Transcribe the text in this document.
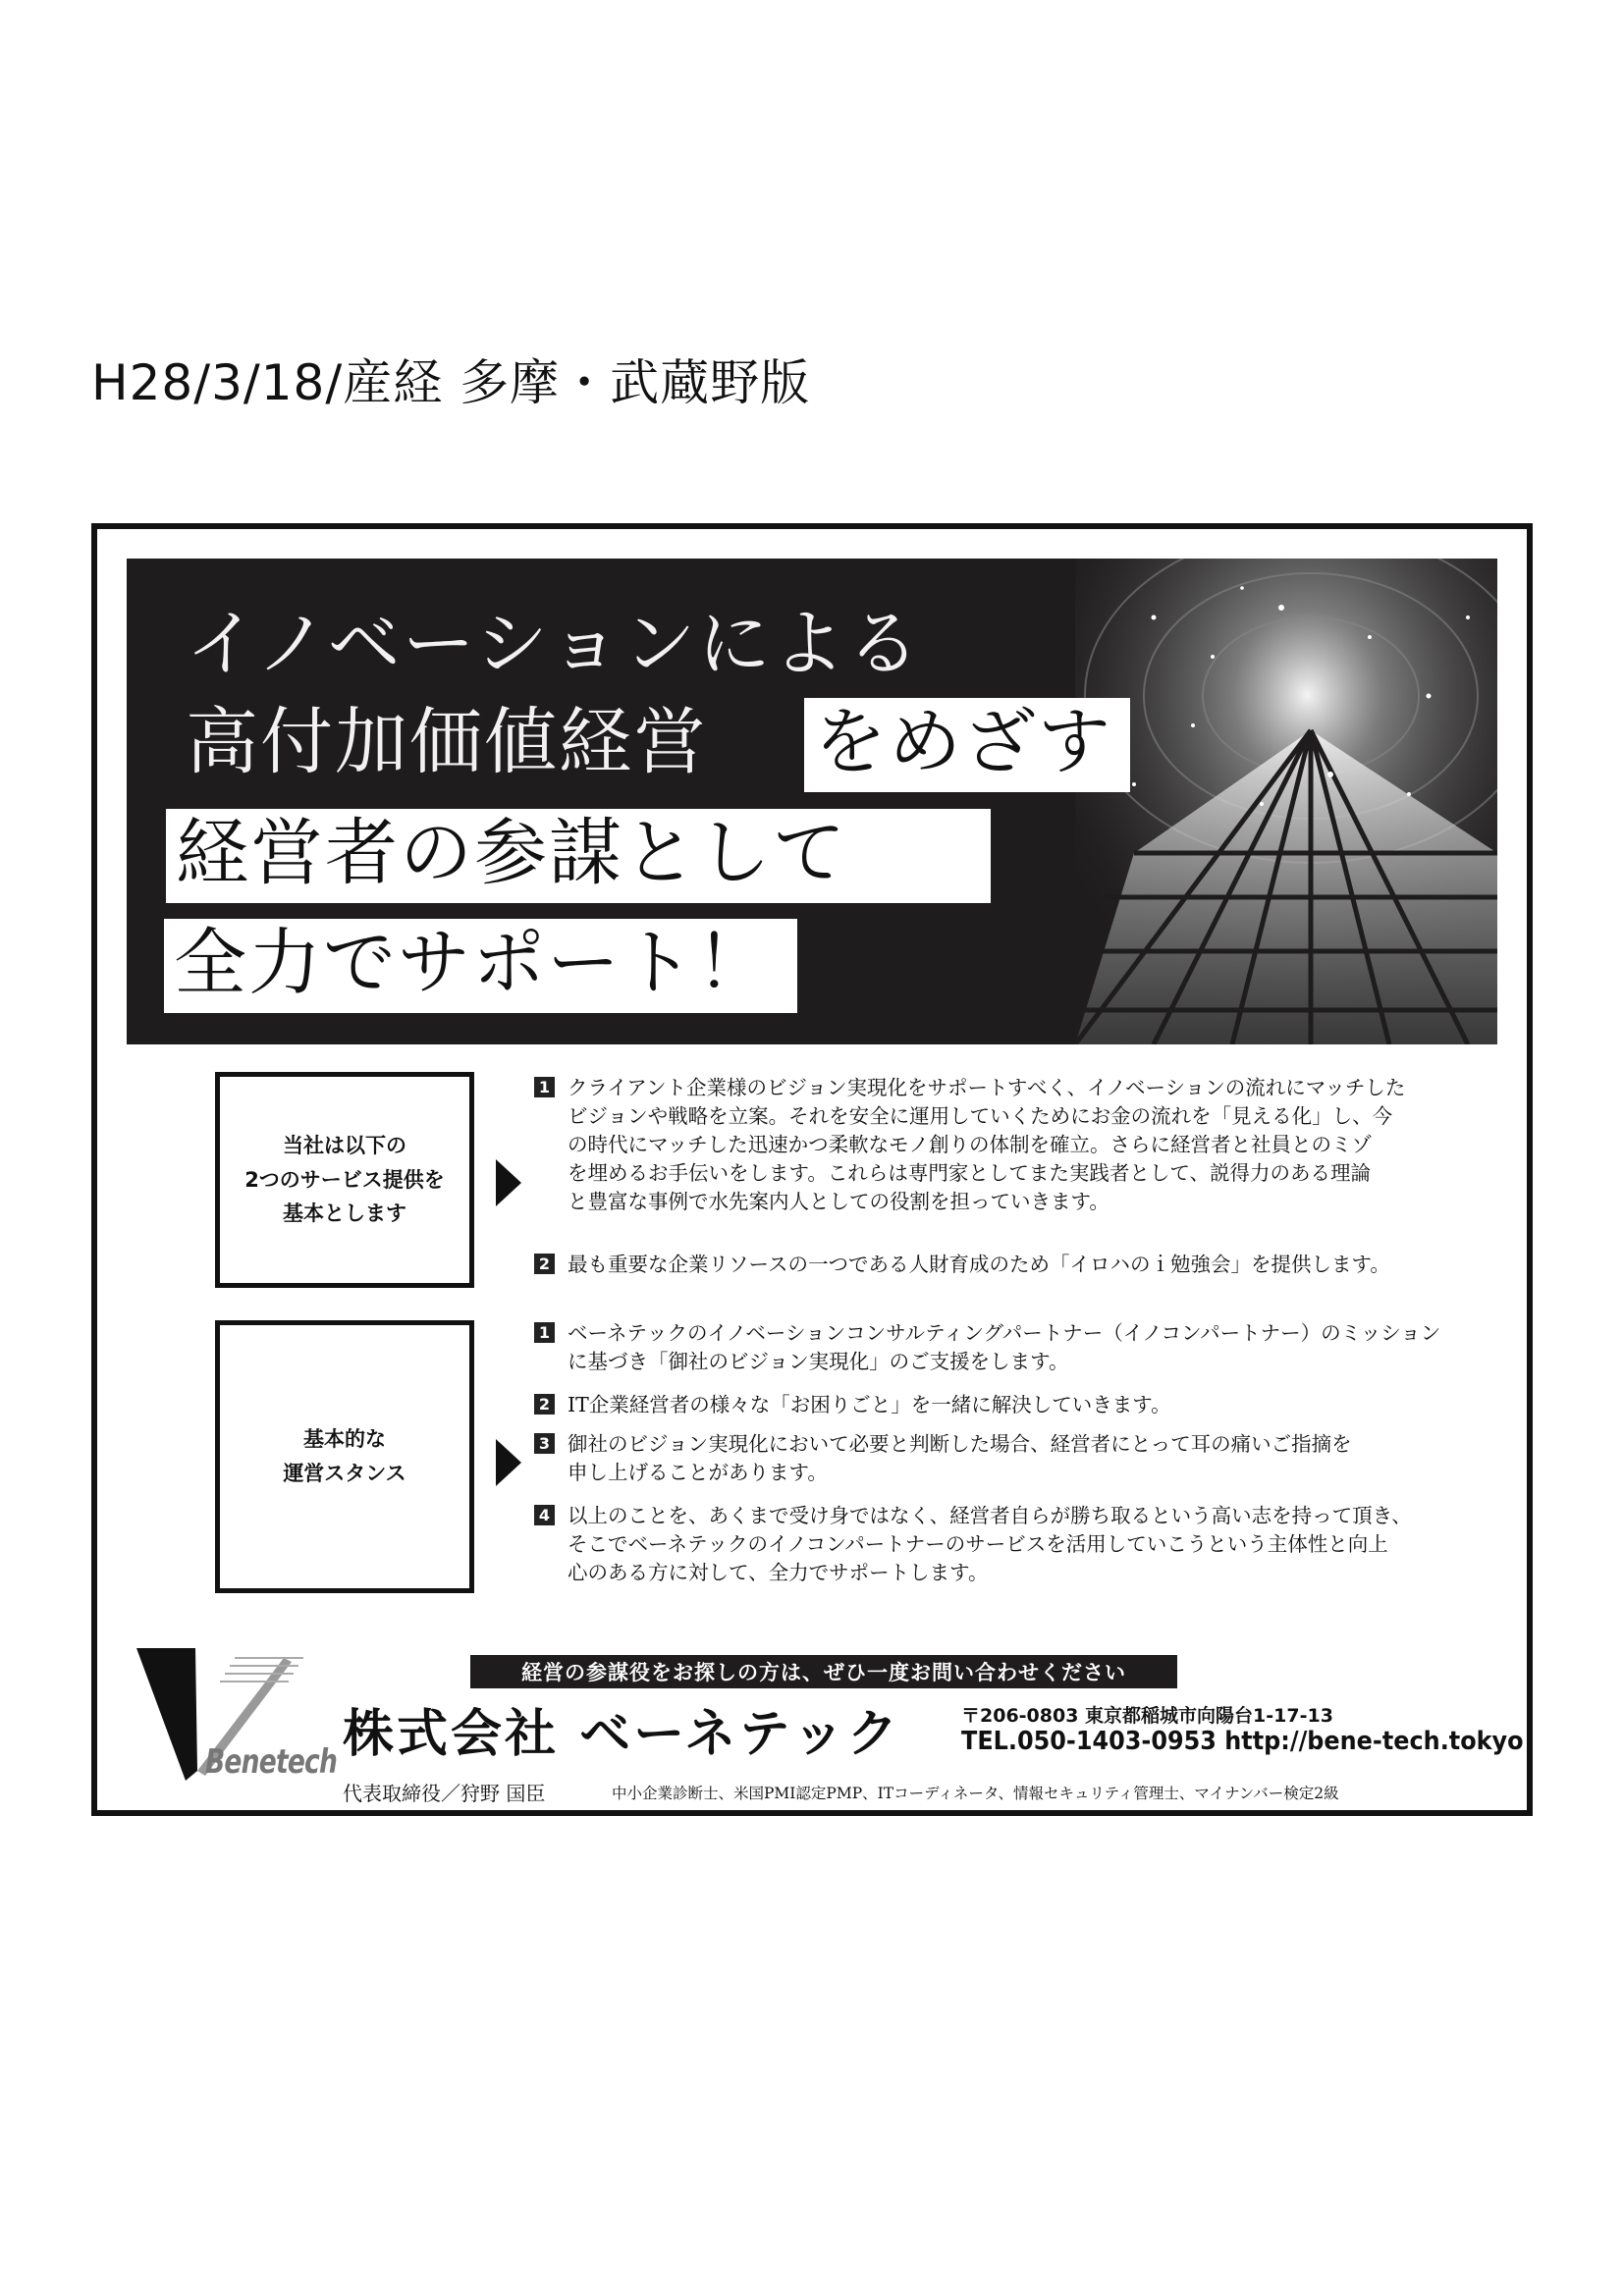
H28/3/18/産経 多摩・武蔵野版
イノベーションによる
高付加価値経営 をめざす
経営者の参謀として
全力でサポート！
当社は以下の
2つのサービス提供を
基本とします
1 クライアント企業様のビジョン実現化をサポートすべく、イノベーションの流れにマッチした
ビジョンや戦略を立案。それを安全に運用していくためにお金の流れを「見える化」し、今
の時代にマッチした迅速かつ柔軟なモノ創りの体制を確立。さらに経営者と社員とのミゾ
を埋めるお手伝いをします。これらは専門家としてまた実践者として、説得力のある理論
と豊富な事例で水先案内人としての役割を担っていきます。
2 最も重要な企業リソースの一つである人財育成のため「イロハのｉ勉強会」を提供します。
基本的な
運営スタンス
1 ベーネテックのイノベーションコンサルティングパートナー（イノコンパートナー）のミッション
に基づき「御社のビジョン実現化」のご支援をします。
2 IT企業経営者の様々な「お困りごと」を一緒に解決していきます。
3 御社のビジョン実現化において必要と判断した場合、経営者にとって耳の痛いご指摘を
申し上げることがあります。
4 以上のことを、あくまで受け身ではなく、経営者自らが勝ち取るという高い志を持って頂き、
そこでベーネテックのイノコンパートナーのサービスを活用していこうという主体性と向上
心のある方に対して、全力でサポートします。
経営の参謀役をお探しの方は、ぜひ一度お問い合わせください
Benetech 株式会社 ベーネテック	〒206-0803 東京都稲城市向陽台1-17-13
TEL.050-1403-0953 http://bene-tech.tokyo
代表取締役／狩野 国臣	中小企業診断士、米国PMI認定PMP、ITコーディネータ、情報セキュリティ管理士、マイナンバー検定2級
